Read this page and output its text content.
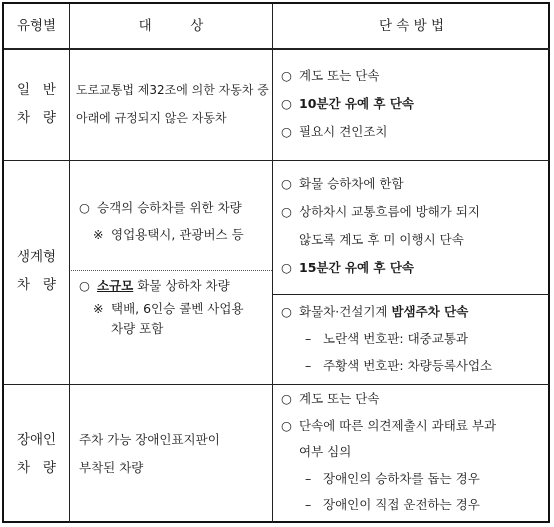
유형별	대         상	단 속 방 법
일   반
차   량
도로교통법 제32조에 의한 자동차 중
아래에 규정되지 않은 자동차
○ 계도 또는 단속
○ 10분간 유예 후 단속
○ 필요시 견인조치
생계형
차   량
○ 승객의 승하차를 위한 차량
※ 영업용택시, 관광버스 등
○ 소규모 화물 상하차 차량
※ 택배, 6인승 콜벤 사업용
차량 포함
○ 화물 승하차에 한함
○ 상하차시 교통흐름에 방해가 되지
않도록 계도 후 미 이행시 단속
○ 15분간 유예 후 단속
○ 화물차·건설기계 밤샘주차 단속
– 노란색 번호판: 대중교통과
– 주황색 번호판: 차량등록사업소
장애인
차   량
주차 가능 장애인표지판이
부착된 차량
○ 계도 또는 단속
○ 단속에 따른 의견제출시 과태료 부과
여부 심의
– 장애인의 승하차를 돕는 경우
– 장애인이 직접 운전하는 경우
